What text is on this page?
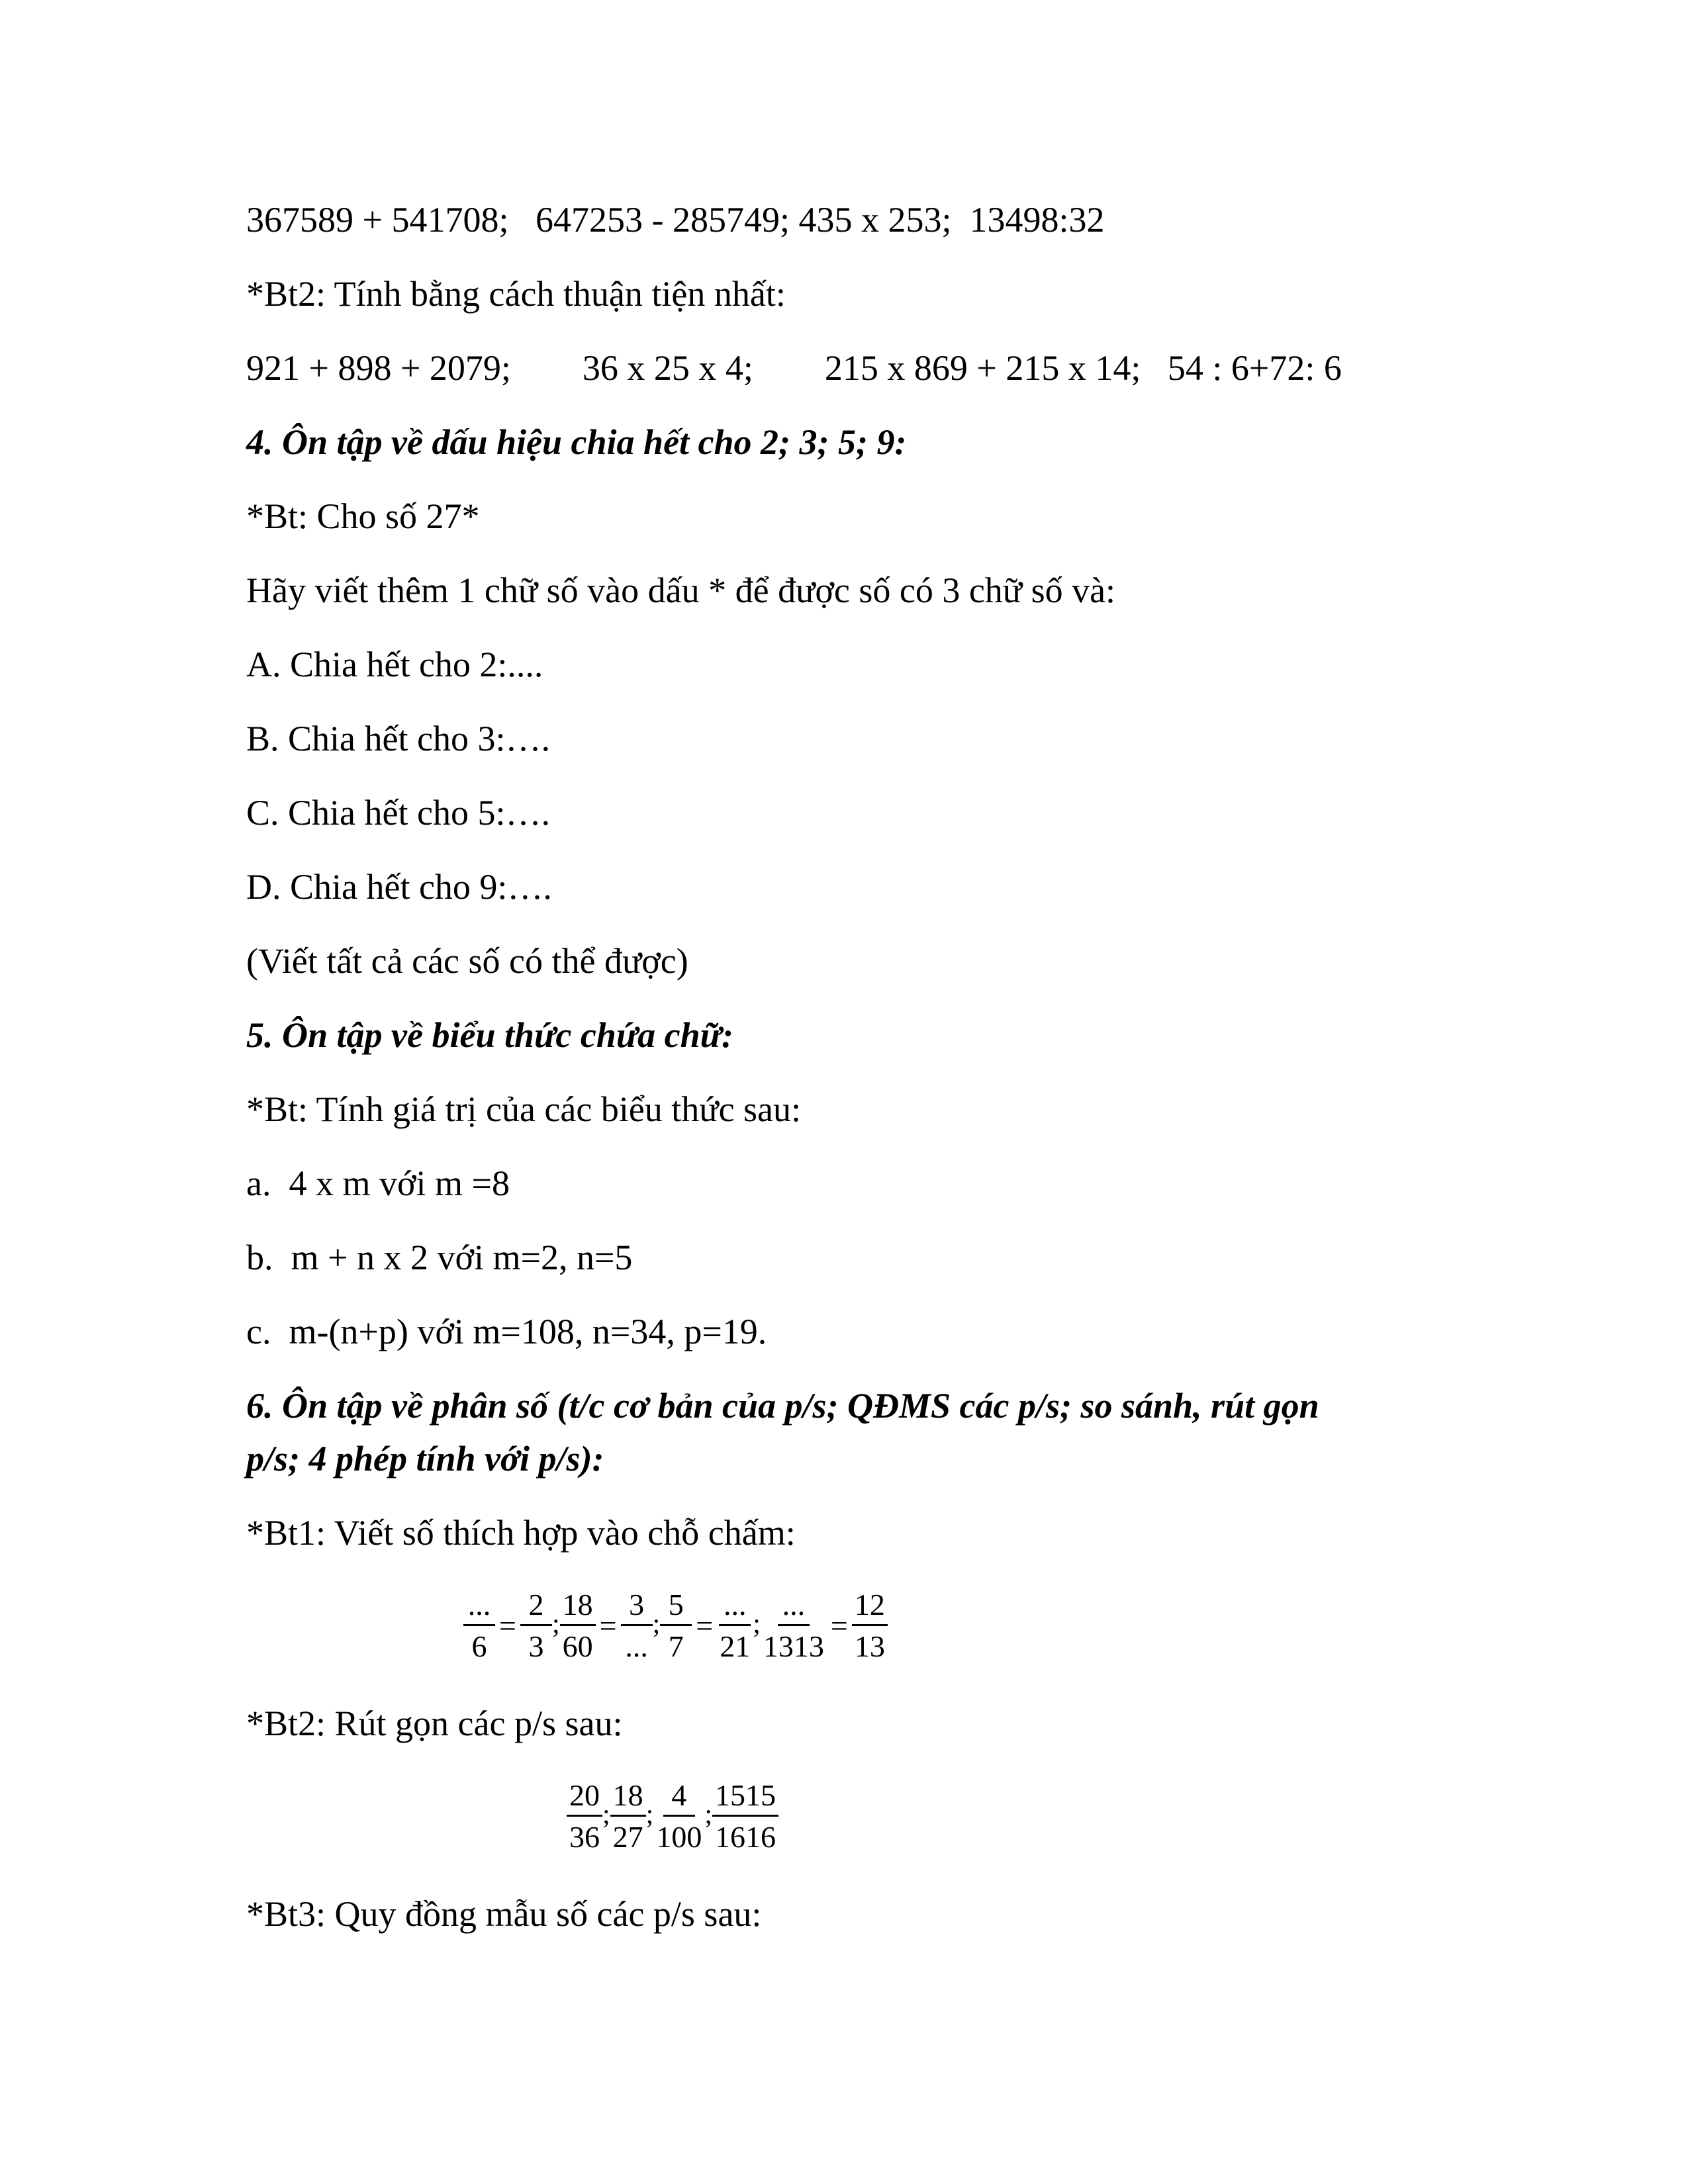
367589 + 541708;   647253 - 285749; 435 x 253;  13498:32

*Bt2: Tính bằng cách thuận tiện nhất:

921 + 898 + 2079;        36 x 25 x 4;        215 x 869 + 215 x 14;   54 : 6+72: 6

4. Ôn tập về dấu hiệu chia hết cho 2; 3; 5; 9:

*Bt: Cho số 27*

Hãy viết thêm 1 chữ số vào dấu * để được số có 3 chữ số và:

A. Chia hết cho 2:....

B. Chia hết cho 3:….

C. Chia hết cho 5:….

D. Chia hết cho 9:….

(Viết tất cả các số có thể được)

5. Ôn tập về biểu thức chứa chữ:

*Bt: Tính giá trị của các biểu thức sau:

a.  4 x m với m =8

b.  m + n x 2 với m=2, n=5

c.  m-(n+p) với m=108, n=34, p=19.

6. Ôn tập về phân số (t/c cơ bản của p/s; QĐMS các p/s; so sánh, rút gọn

p/s; 4 phép tính với p/s):

*Bt1: Viết số thích hợp vào chỗ chấm:

$\frac{...}{6} = \frac{2}{3}$ ; $\frac{18}{60} = \frac{3}{...}$ ; $\frac{5}{7} = \frac{...}{21}$ ; $\frac{...}{1313} = \frac{12}{13}$

*Bt2: Rút gọn các p/s sau:

$\frac{20}{36}$ ; $\frac{18}{27}$ ; $\frac{4}{100}$ ; $\frac{1515}{1616}$

*Bt3: Quy đồng mẫu số các p/s sau:
